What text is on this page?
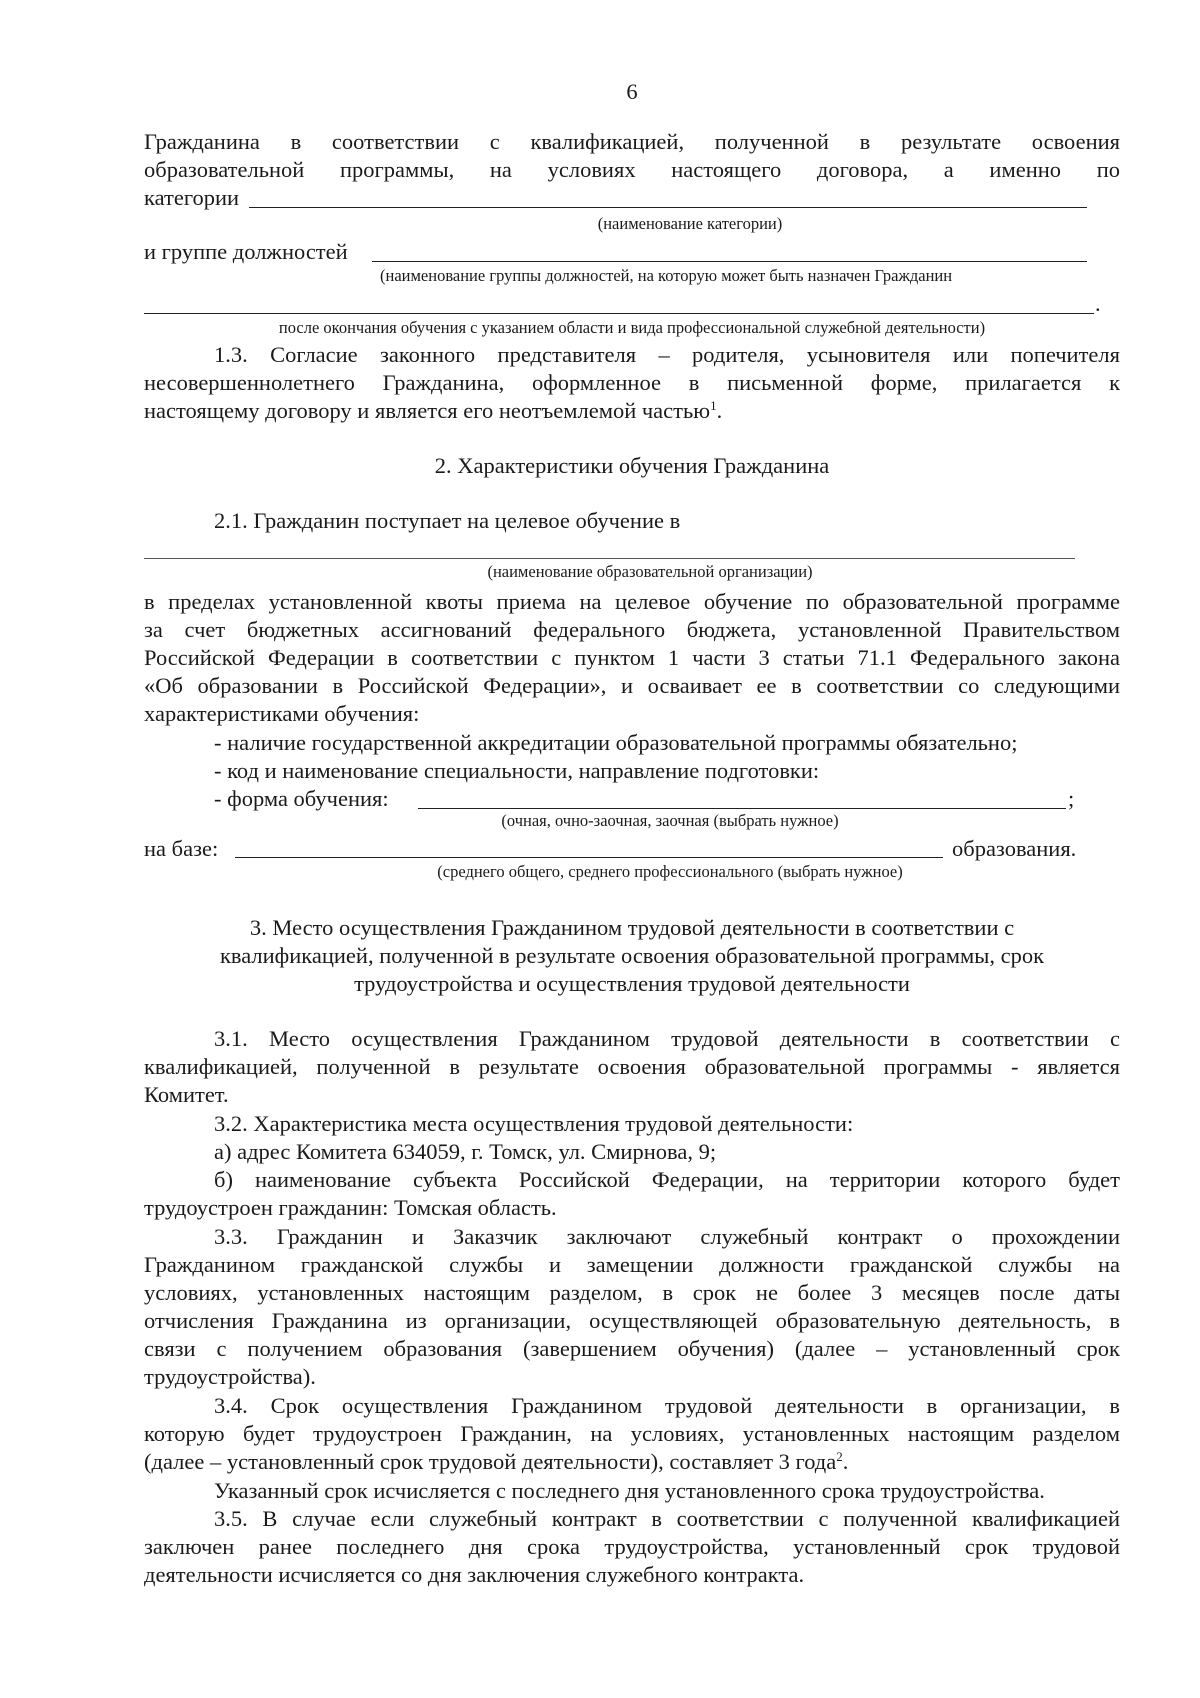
6
Гражданина в соответствии с квалификацией, полученной в результате освоения
образовательной программы, на условиях настоящего договора, а именно по
категории
(наименование категории)
и группе должностей
(наименование группы должностей, на которую может быть назначен Гражданин
.
после окончания обучения с указанием области и вида профессиональной служебной деятельности)
1.3. Согласие законного представителя – родителя, усыновителя или попечителя
несовершеннолетнего Гражданина, оформленное в письменной форме, прилагается к
настоящему договору и является его неотъемлемой частью$^1$.
2. Характеристики обучения Гражданина
2.1. Гражданин поступает на целевое обучение в
(наименование образовательной организации)
в пределах установленной квоты приема на целевое обучение по образовательной программе
за счет бюджетных ассигнований федерального бюджета, установленной Правительством
Российской Федерации в соответствии с пунктом 1 части 3 статьи 71.1 Федерального закона
«Об образовании в Российской Федерации», и осваивает ее в соответствии со следующими
характеристиками обучения:
- наличие государственной аккредитации образовательной программы обязательно;
- код и наименование специальности, направление подготовки:
- форма обучения:	;
(очная, очно-заочная, заочная (выбрать нужное)
на базе:	образования.
(среднего общего, среднего профессионального (выбрать нужное)
3. Место осуществления Гражданином трудовой деятельности в соответствии с
квалификацией, полученной в результате освоения образовательной программы, срок
трудоустройства и осуществления трудовой деятельности
3.1. Место осуществления Гражданином трудовой деятельности в соответствии с
квалификацией, полученной в результате освоения образовательной программы - является
Комитет.
3.2. Характеристика места осуществления трудовой деятельности:
а) адрес Комитета 634059, г. Томск, ул. Смирнова, 9;
б) наименование субъекта Российской Федерации, на территории которого будет
трудоустроен гражданин: Томская область.
3.3. Гражданин и Заказчик заключают служебный контракт о прохождении
Гражданином гражданской службы и замещении должности гражданской службы на
условиях, установленных настоящим разделом, в срок не более 3 месяцев после даты
отчисления Гражданина из организации, осуществляющей образовательную деятельность, в
связи с получением образования (завершением обучения) (далее – установленный срок
трудоустройства).
3.4. Срок осуществления Гражданином трудовой деятельности в организации, в
которую будет трудоустроен Гражданин, на условиях, установленных настоящим разделом
(далее – установленный срок трудовой деятельности), составляет 3 года$^2$.
Указанный срок исчисляется с последнего дня установленного срока трудоустройства.
3.5. В случае если служебный контракт в соответствии с полученной квалификацией
заключен ранее последнего дня срока трудоустройства, установленный срок трудовой
деятельности исчисляется со дня заключения служебного контракта.
